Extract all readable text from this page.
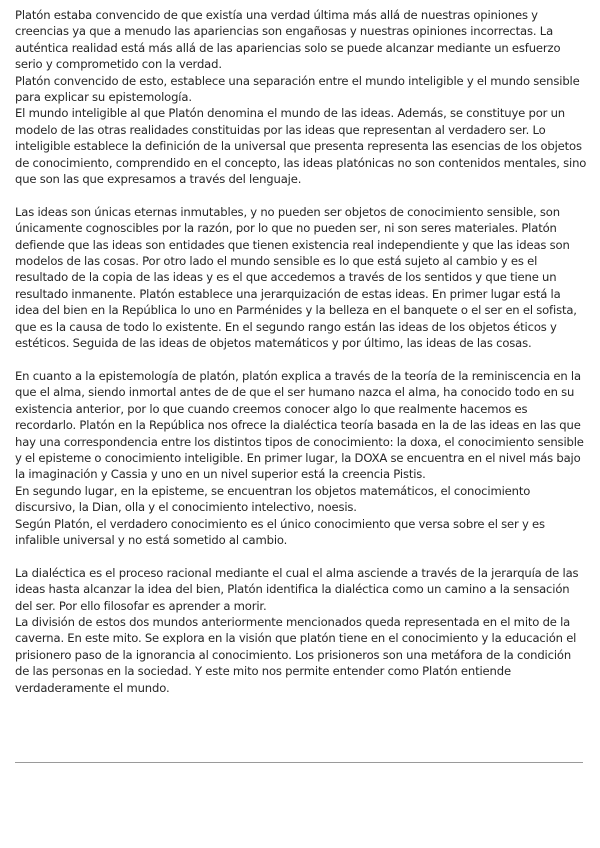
Platón estaba convencido de que existía una verdad última más allá de nuestras opiniones y creencias ya que a menudo las apariencias son engañosas y nuestras opiniones incorrectas. La auténtica realidad está más allá de las apariencias solo se puede alcanzar mediante un esfuerzo serio y comprometido con la verdad.

Platón convencido de esto, establece una separación entre el mundo inteligible y el mundo sensible para explicar su epistemología.

El mundo inteligible al que Platón denomina el mundo de las ideas. Además, se constituye por un modelo de las otras realidades constituidas por las ideas que representan al verdadero ser. Lo inteligible establece la definición de la universal que presenta representa las esencias de los objetos de conocimiento, comprendido en el concepto, las ideas platónicas no son contenidos mentales, sino que son las que expresamos a través del lenguaje.

Las ideas son únicas eternas inmutables, y no pueden ser objetos de conocimiento sensible, son únicamente cognoscibles por la razón, por lo que no pueden ser, ni son seres materiales. Platón defiende que las ideas son entidades que tienen existencia real independiente y que las ideas son modelos de las cosas. Por otro lado el mundo sensible es lo que está sujeto al cambio y es el resultado de la copia de las ideas y es el que accedemos a través de los sentidos y que tiene un resultado inmanente. Platón establece una jerarquización de estas ideas. En primer lugar está la idea del bien en la República lo uno en Parménides y la belleza en el banquete o el ser en el sofista, que es la causa de todo lo existente. En el segundo rango están las ideas de los objetos éticos y estéticos. Seguida de las ideas de objetos matemáticos y por último, las ideas de las cosas.

En cuanto a la epistemología de platón, platón explica a través de la teoría de la reminiscencia en la que el alma, siendo inmortal antes de de que el ser humano nazca el alma, ha conocido todo en su existencia anterior, por lo que cuando creemos conocer algo lo que realmente hacemos es recordarlo. Platón en la República nos ofrece la dialéctica teoría basada en la de las ideas en las que hay una correspondencia entre los distintos tipos de conocimiento: la doxa, el conocimiento sensible y el episteme o conocimiento inteligible. En primer lugar, la DOXA se encuentra en el nivel más bajo la imaginación y Cassia y uno en un nivel superior está la creencia Pistis.

En segundo lugar, en la episteme, se encuentran los objetos matemáticos, el conocimiento discursivo, la Dian, olla y el conocimiento intelectivo, noesis.

Según Platón, el verdadero conocimiento es el único conocimiento que versa sobre el ser y es infalible universal y no está sometido al cambio.

La dialéctica es el proceso racional mediante el cual el alma asciende a través de la jerarquía de las ideas hasta alcanzar la idea del bien, Platón identifica la dialéctica como un camino a la sensación del ser. Por ello filosofar es aprender a morir.

La división de estos dos mundos anteriormente mencionados queda representada en el mito de la caverna. En este mito. Se explora en la visión que platón tiene en el conocimiento y la educación el prisionero paso de la ignorancia al conocimiento. Los prisioneros son una metáfora de la condición de las personas en la sociedad. Y este mito nos permite entender como Platón entiende verdaderamente el mundo.
